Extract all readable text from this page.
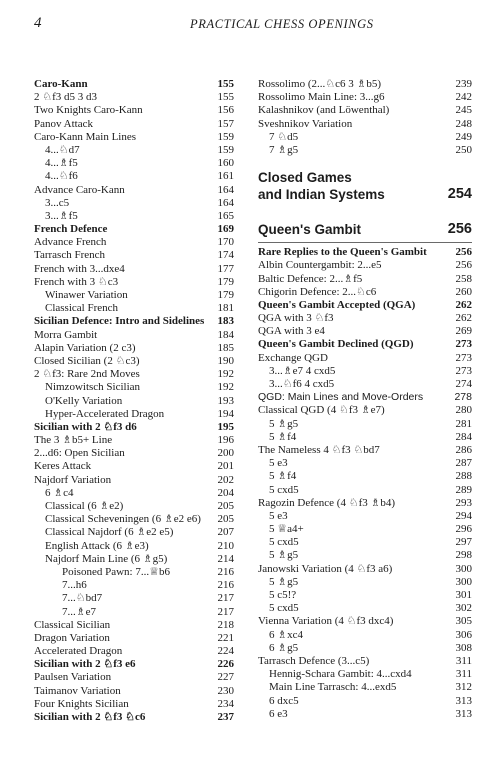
4	PRACTICAL CHESS OPENINGS
Caro-Kann	155
2 ♘f3 d5 3 d3	155
Two Knights Caro-Kann	156
Panov Attack	157
Caro-Kann Main Lines	159
4...♘d7	159
4...♗f5	160
4...♘f6	161
Advance Caro-Kann	164
3...c5	164
3...♗f5	165
French Defence	169
Advance French	170
Tarrasch French	174
French with 3...dxe4	177
French with 3 ♘c3	179
Winawer Variation	179
Classical French	181
Sicilian Defence: Intro and Sidelines 183
Morra Gambit	184
Alapin Variation (2 c3)	185
Closed Sicilian (2 ♘c3)	190
2 ♘f3: Rare 2nd Moves	192
Nimzowitsch Sicilian	192
O'Kelly Variation	193
Hyper-Accelerated Dragon	194
Sicilian with 2 ♘f3 d6	195
The 3 ♗b5+ Line	196
2...d6: Open Sicilian	200
Keres Attack	201
Najdorf Variation	202
6 ♗c4	204
Classical (6 ♗e2)	205
Classical Scheveningen (6 ♗e2 e6) 205
Classical Najdorf (6 ♗e2 e5)	207
English Attack (6 ♗e3)	210
Najdorf Main Line (6 ♗g5)	214
Poisoned Pawn: 7...♕b6	216
7...h6	216
7...♘bd7	217
7...♗e7	217
Classical Sicilian	218
Dragon Variation	221
Accelerated Dragon	224
Sicilian with 2 ♘f3 e6	226
Paulsen Variation	227
Taimanov Variation	230
Four Knights Sicilian	234
Sicilian with 2 ♘f3 ♘c6	237
Rossolimo (2...♘c6 3 ♗b5)	239
Rossolimo Main Line: 3...g6	242
Kalashnikov (and Löwenthal)	245
Sveshnikov Variation	248
7 ♘d5	249
7 ♗g5	250
Closed Games
and Indian Systems	254
Queen's Gambit	256
Rare Replies to the Queen's Gambit	256
Albin Countergambit: 2...e5	256
Baltic Defence: 2...♗f5	258
Chigorin Defence: 2...♘c6	260
Queen's Gambit Accepted (QGA)	262
QGA with 3 ♘f3	262
QGA with 3 e4	269
Queen's Gambit Declined (QGD)	273
Exchange QGD	273
3...♗e7 4 cxd5	273
3...♘f6 4 cxd5	274
QGD: Main Lines and Move-Orders	278
Classical QGD (4 ♘f3 ♗e7)	280
5 ♗g5	281
5 ♗f4	284
The Nameless 4 ♘f3 ♘bd7	286
5 e3	287
5 ♗f4	288
5 cxd5	289
Ragozin Defence (4 ♘f3 ♗b4)	293
5 e3	294
5 ♕a4+	296
5 cxd5	297
5 ♗g5	298
Janowski Variation (4 ♘f3 a6)	300
5 ♗g5	300
5 c5!?	301
5 cxd5	302
Vienna Variation (4 ♘f3 dxc4)	305
6 ♗xc4	306
6 ♗g5	308
Tarrasch Defence (3...c5)	311
Hennig-Schara Gambit: 4...cxd4	311
Main Line Tarrasch: 4...exd5	312
6 dxc5	313
6 e3	313
